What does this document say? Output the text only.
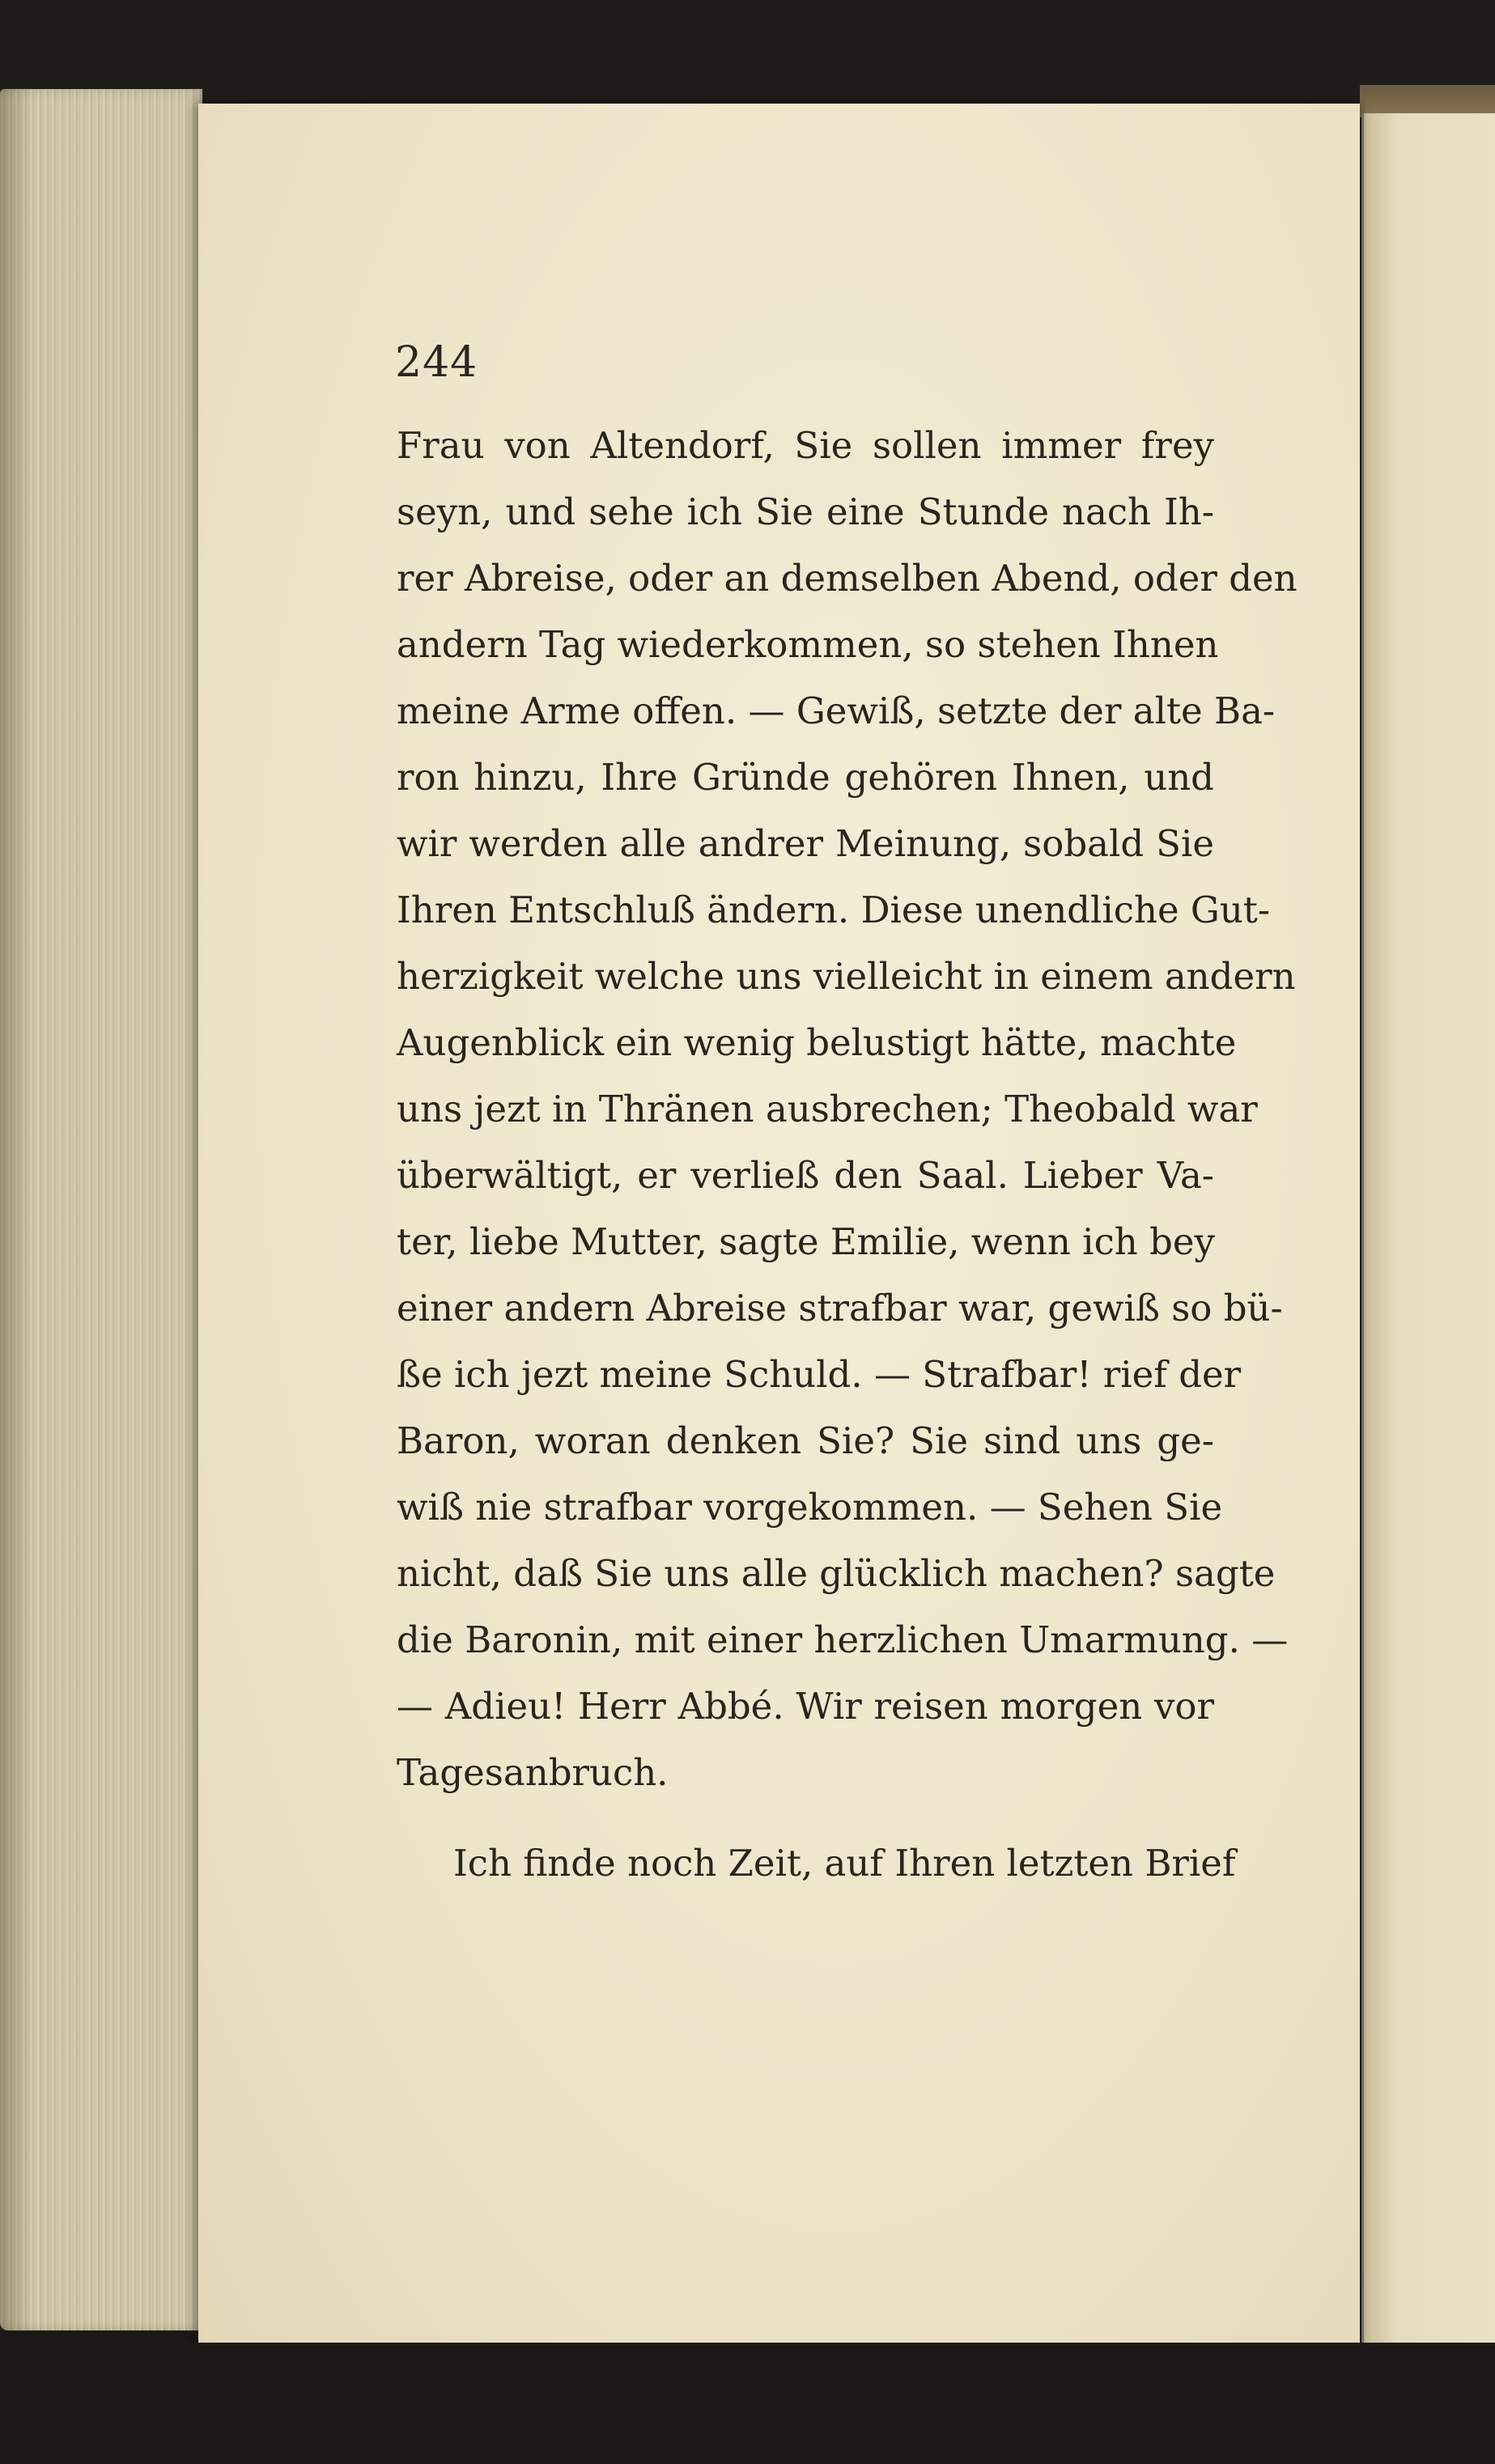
244
Frau von Altendorf, Sie sollen immer frey
seyn, und sehe ich Sie eine Stunde nach Ih-
rer Abreise, oder an demselben Abend, oder den
andern Tag wiederkommen, so stehen Ihnen
meine Arme offen. — Gewiß, setzte der alte Ba-
ron hinzu, Ihre Gründe gehören Ihnen, und
wir werden alle andrer Meinung, sobald Sie
Ihren Entschluß ändern. Diese unendliche Gut-
herzigkeit welche uns vielleicht in einem andern
Augenblick ein wenig belustigt hätte, machte
uns jezt in Thränen ausbrechen; Theobald war
überwältigt, er verließ den Saal. Lieber Va-
ter, liebe Mutter, sagte Emilie, wenn ich bey
einer andern Abreise strafbar war, gewiß so bü-
ße ich jezt meine Schuld. — Strafbar! rief der
Baron, woran denken Sie? Sie sind uns ge-
wiß nie strafbar vorgekommen. — Sehen Sie
nicht, daß Sie uns alle glücklich machen? sagte
die Baronin, mit einer herzlichen Umarmung. —
— Adieu! Herr Abbé. Wir reisen morgen vor
Tagesanbruch.
Ich finde noch Zeit, auf Ihren letzten Brief
